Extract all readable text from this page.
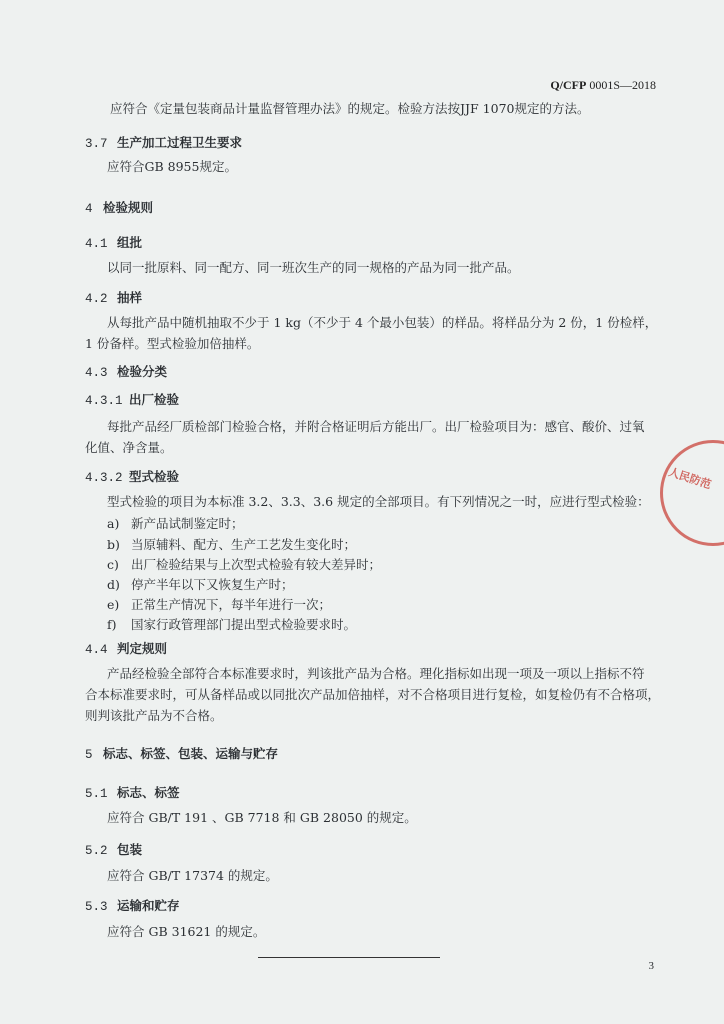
Q/CFP 0001S—2018
应符合《定量包装商品计量监督管理办法》的规定。检验方法按JJF 1070规定的方法。
3.7 生产加工过程卫生要求
应符合GB 8955规定。
4 检验规则
4.1 组批
以同一批原料、同一配方、同一班次生产的同一规格的产品为同一批产品。
4.2 抽样
从每批产品中随机抽取不少于 1 kg（不少于 4 个最小包装）的样品。将样品分为 2 份，1 份检样，
1 份备样。型式检验加倍抽样。
4.3 检验分类
4.3.1 出厂检验
每批产品经厂质检部门检验合格，并附合格证明后方能出厂。出厂检验项目为：感官、酸价、过氧
化值、净含量。
4.3.2 型式检验
型式检验的项目为本标准 3.2、3.3、3.6 规定的全部项目。有下列情况之一时，应进行型式检验：
a) 新产品试制鉴定时；
b) 当原辅料、配方、生产工艺发生变化时；
c) 出厂检验结果与上次型式检验有较大差异时；
d) 停产半年以下又恢复生产时；
e) 正常生产情况下，每半年进行一次；
f) 国家行政管理部门提出型式检验要求时。
4.4 判定规则
产品经检验全部符合本标准要求时，判该批产品为合格。理化指标如出现一项及一项以上指标不符
合本标准要求时，可从备样品或以同批次产品加倍抽样，对不合格项目进行复检，如复检仍有不合格项，
则判该批产品为不合格。
5 标志、标签、包装、运输与贮存
5.1 标志、标签
应符合 GB/T 191 、GB 7718 和 GB 28050 的规定。
5.2 包装
应符合 GB/T 17374 的规定。
5.3 运输和贮存
应符合 GB 31621 的规定。
3
人民防范
